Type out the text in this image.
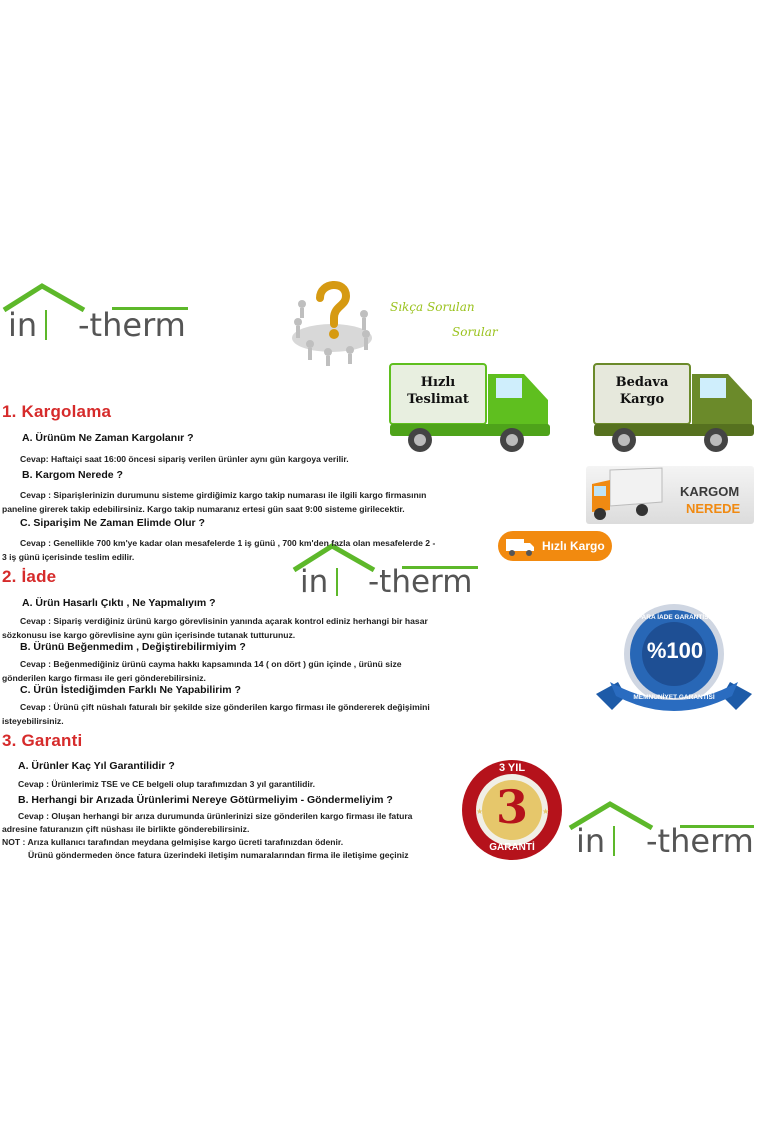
in -therm	Sıkça Sorulan
Sorular
Hızlı
Teslimat
Bedava
Kargo
KARGOM
NEREDE
Hızlı Kargo
in -therm
PARA İADE GARANTİSİ
%100
MEMNUNİYET GARANTİSİ
★	★
3 YIL
3
GARANTİ in -therm
1. Kargolama
A. Ürünüm Ne Zaman Kargolanır ?
Cevap: Haftaiçi saat 16:00 öncesi sipariş verilen ürünler aynı gün kargoya verilir.
B. Kargom Nerede ?
Cevap : Siparişlerinizin durumunu sisteme girdiğimiz kargo takip numarası ile ilgili kargo firmasının
paneline girerek takip edebilirsiniz. Kargo takip numaranız ertesi gün saat 9:00 sisteme girilecektir.
C. Siparişim Ne Zaman Elimde Olur ?
Cevap : Genellikle 700 km'ye kadar olan mesafelerde 1 iş günü , 700 km'den fazla olan mesafelerde 2 -
3 iş günü içerisinde teslim edilir.
2. İade
A. Ürün Hasarlı Çıktı , Ne Yapmalıyım ?
Cevap : Sipariş verdiğiniz ürünü kargo görevlisinin yanında açarak kontrol ediniz herhangi bir hasar
sözkonusu ise kargo görevlisine aynı gün içerisinde tutanak tutturunuz.
B. Ürünü Beğenmedim , Değiştirebilirmiyim ?
Cevap : Beğenmediğiniz ürünü cayma hakkı kapsamında 14 ( on dört ) gün içinde , ürünü size
gönderilen kargo firması ile geri gönderebilirsiniz.
C. Ürün İstediğimden Farklı Ne Yapabilirim ?
Cevap : Ürünü çift nüshalı faturalı bir şekilde size gönderilen kargo firması ile göndererek değişimini
isteyebilirsiniz.
3. Garanti
A. Ürünler Kaç Yıl Garantilidir ?
Cevap : Ürünlerimiz TSE ve CE belgeli olup tarafımızdan 3 yıl garantilidir.
B. Herhangi bir Arızada Ürünlerimi Nereye Götürmeliyim - Göndermeliyim ?
Cevap : Oluşan herhangi bir arıza durumunda ürünlerinizi size gönderilen kargo firması ile fatura
adresine faturanızın çift nüshası ile birlikte gönderebilirsiniz.
NOT : Arıza kullanıcı tarafından meydana gelmişise kargo ücreti tarafınızdan ödenir.
Ürünü göndermeden önce fatura üzerindeki iletişim numaralarından firma ile iletişime geçiniz
